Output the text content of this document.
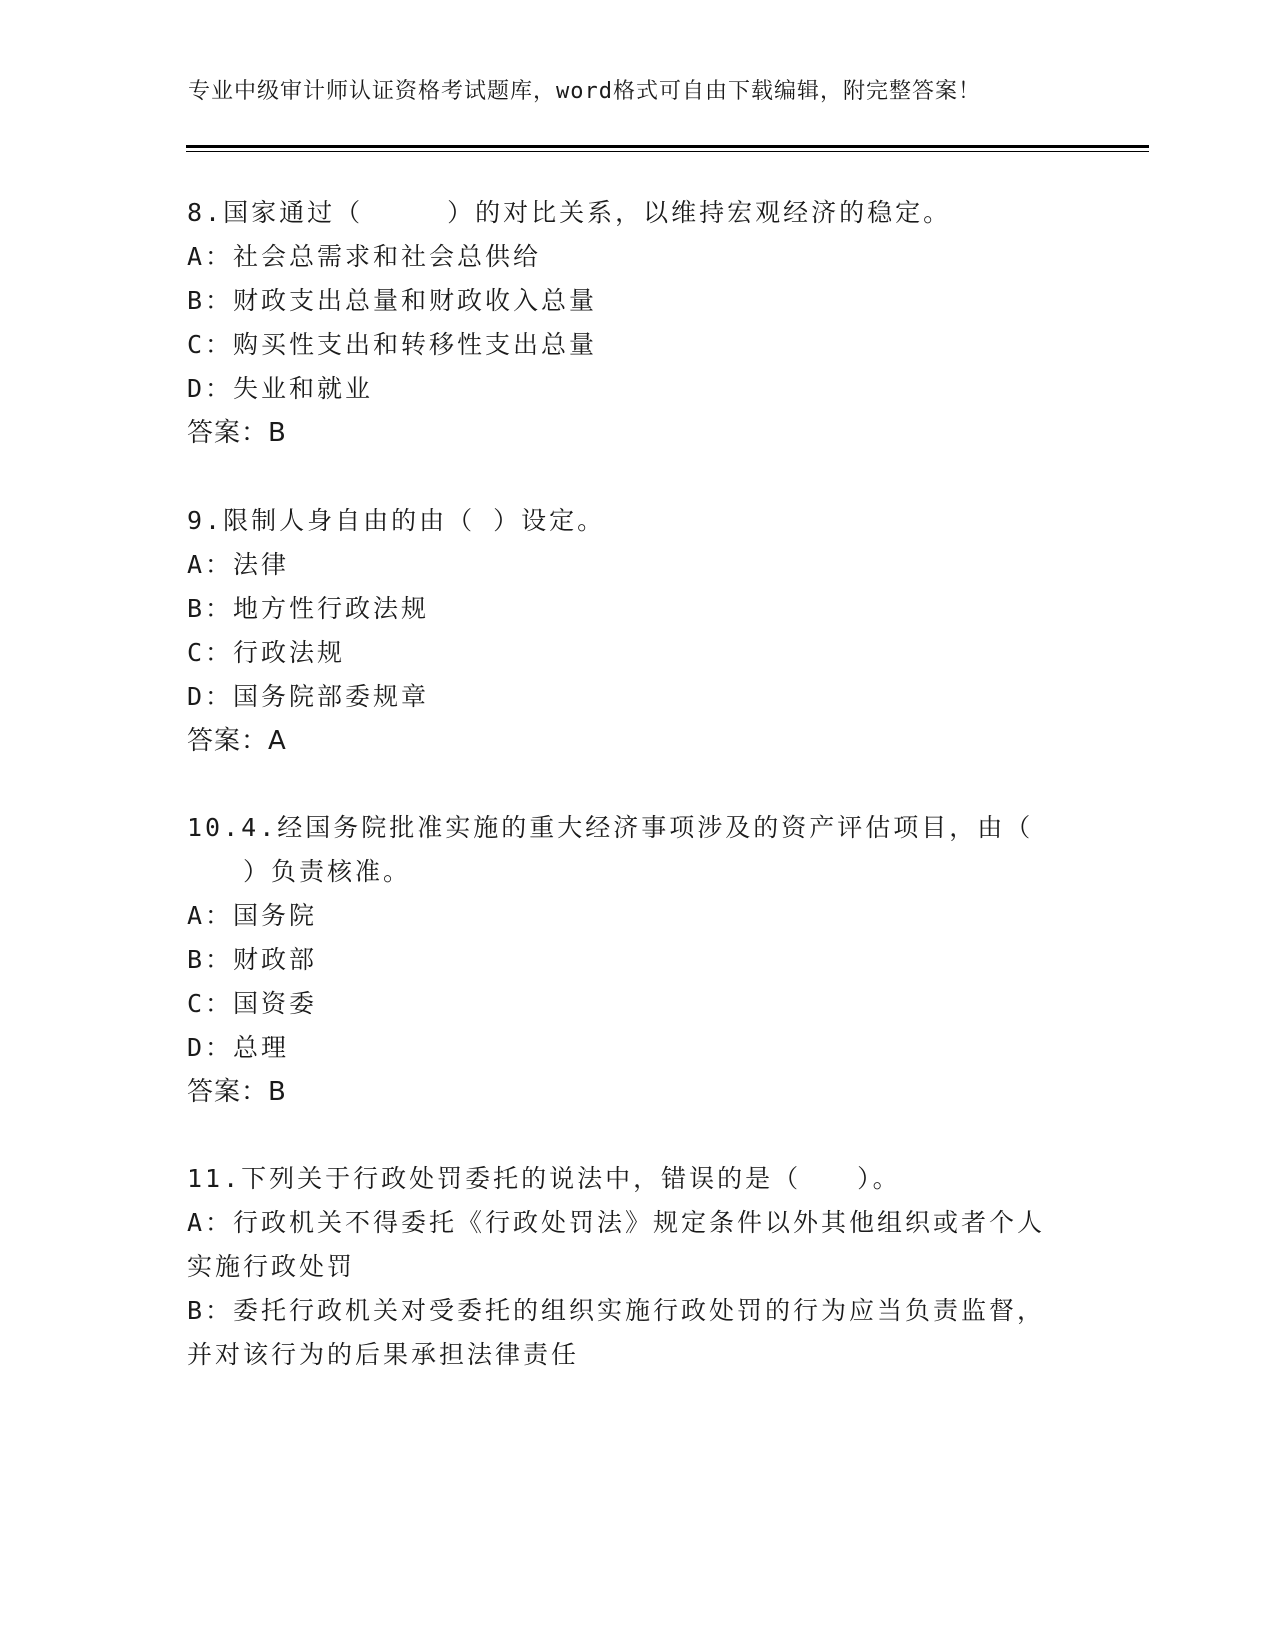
专业中级审计师认证资格考试题库，word格式可自由下载编辑，附完整答案！
8.国家通过（　　　）的对比关系，以维持宏观经济的稳定。
A：社会总需求和社会总供给
B：财政支出总量和财政收入总量
C：购买性支出和转移性支出总量
D：失业和就业
答案：B
9.限制人身自由的由（ ）设定。
A：法律
B：地方性行政法规
C：行政法规
D：国务院部委规章
答案：A
10.4.经国务院批准实施的重大经济事项涉及的资产评估项目，由（
　　）负责核准。
A：国务院
B：财政部
C：国资委
D：总理
答案：B
11.下列关于行政处罚委托的说法中，错误的是（　　）。
A：行政机关不得委托《行政处罚法》规定条件以外其他组织或者个人
实施行政处罚
B：委托行政机关对受委托的组织实施行政处罚的行为应当负责监督，
并对该行为的后果承担法律责任
